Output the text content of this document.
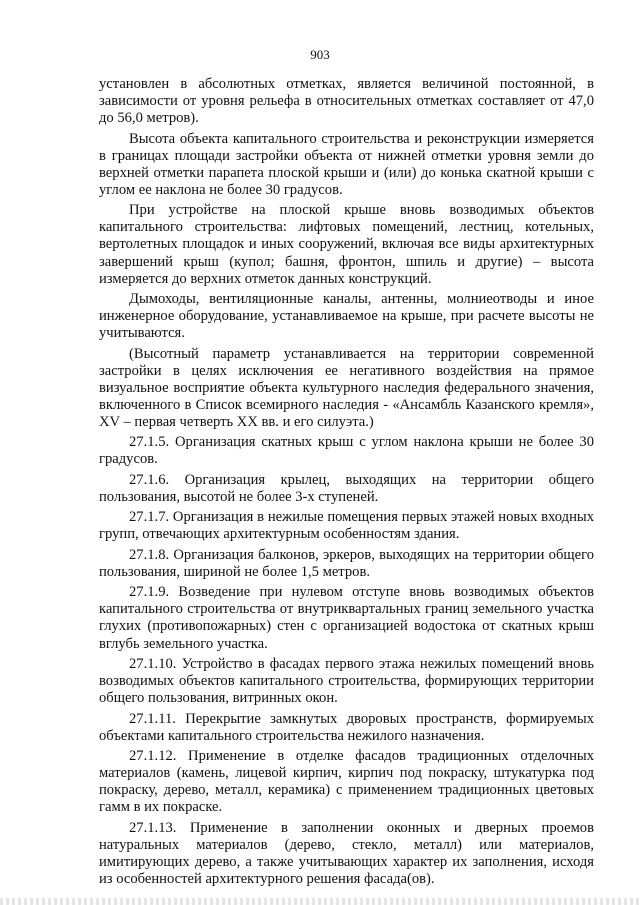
903

установлен в абсолютных отметках, является величиной постоянной, в зависимости от уровня рельефа в относительных отметках составляет от 47,0 до 56,0 метров).

Высота объекта капитального строительства и реконструкции измеряется в границах площади застройки объекта от нижней отметки уровня земли до верхней отметки парапета плоской крыши и (или) до конька скатной крыши с углом ее наклона не более 30 градусов.

При устройстве на плоской крыше вновь возводимых объектов капитального строительства: лифтовых помещений, лестниц, котельных, вертолетных площадок и иных сооружений, включая все виды архитектурных завершений крыш (купол; башня, фронтон, шпиль и другие) – высота измеряется до верхних отметок данных конструкций.

Дымоходы, вентиляционные каналы, антенны, молниеотводы и иное инженерное оборудование, устанавливаемое на крыше, при расчете высоты не учитываются.

(Высотный параметр устанавливается на территории современной застройки в целях исключения ее негативного воздействия на прямое визуальное восприятие объекта культурного наследия федерального значения, включенного в Список всемирного наследия - «Ансамбль Казанского кремля», XV – первая четверть XX вв. и его силуэта.)

27.1.5. Организация скатных крыш с углом наклона крыши не более 30 градусов.

27.1.6. Организация крылец, выходящих на территории общего пользования, высотой не более 3-х ступеней.

27.1.7. Организация в нежилые помещения первых этажей новых входных групп, отвечающих архитектурным особенностям здания.

27.1.8. Организация балконов, эркеров, выходящих на территории общего пользования, шириной не более 1,5 метров.

27.1.9. Возведение при нулевом отступе вновь возводимых объектов капитального строительства от внутриквартальных границ земельного участка глухих (противопожарных) стен с организацией водостока от скатных крыш вглубь земельного участка.

27.1.10. Устройство в фасадах первого этажа нежилых помещений вновь возводимых объектов капитального строительства, формирующих территории общего пользования, витринных окон.

27.1.11. Перекрытие замкнутых дворовых пространств, формируемых объектами капитального строительства нежилого назначения.

27.1.12. Применение в отделке фасадов традиционных отделочных материалов (камень, лицевой кирпич, кирпич под покраску, штукатурка под покраску, дерево, металл, керамика) с применением традиционных цветовых гамм в их покраске.

27.1.13. Применение в заполнении оконных и дверных проемов натуральных материалов (дерево, стекло, металл) или материалов, имитирующих дерево, а также учитывающих характер их заполнения, исходя из особенностей архитектурного решения фасада(ов).
